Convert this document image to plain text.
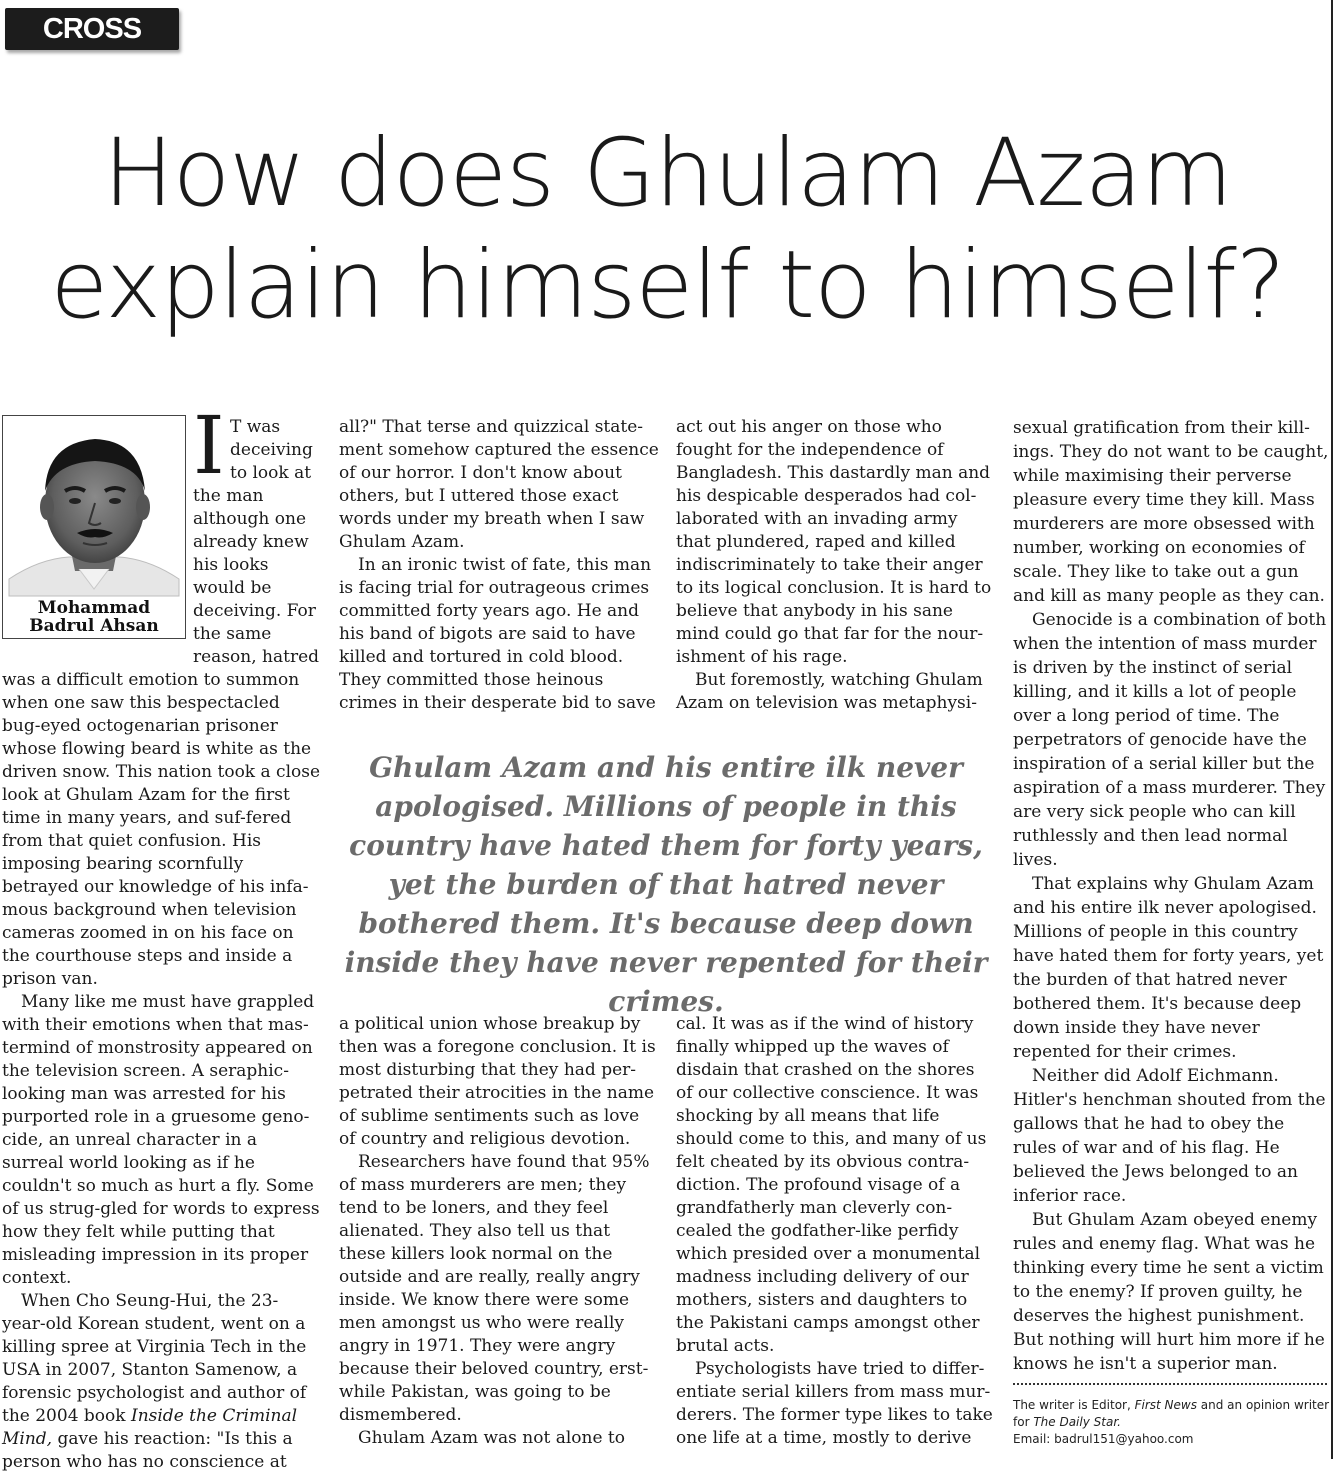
CROSS TALK
How does Ghulam Azam
explain himself to himself?
Mohammad
Badrul Ahsan
I T was
deceiving
to look at
the man
although one
already knew
his looks
would be
deceiving. For
the same
reason, hatred

was a difficult emotion to summon when one saw this bespectacled bug-eyed octogenarian prisoner whose flowing beard is white as the driven snow. This nation took a close look at Ghulam Azam for the first time in many years, and suf-fered from that quiet confusion. His imposing bearing scornfully betrayed our knowledge of his infa-mous background when television cameras zoomed in on his face on the courthouse steps and inside a prison van.

Many like me must have grappled with their emotions when that mas-termind of monstrosity appeared on the television screen. A seraphic-looking man was arrested for his purported role in a gruesome geno-cide, an unreal character in a surreal world looking as if he couldn't so much as hurt a fly. Some of us strug-gled for words to express how they felt while putting that misleading impression in its proper context.

When Cho Seung-Hui, the 23-year-old Korean student, went on a killing spree at Virginia Tech in the USA in 2007, Stanton Samenow, a forensic psychologist and author of the 2004 book Inside the Criminal Mind, gave his reaction: "Is this a person who has no conscience at

all?" That terse and quizzical state-ment somehow captured the essence of our horror. I don't know about others, but I uttered those exact words under my breath when I saw Ghulam Azam.

In an ironic twist of fate, this man is facing trial for outrageous crimes committed forty years ago. He and his band of bigots are said to have killed and tortured in cold blood. They committed those heinous crimes in their desperate bid to save

act out his anger on those who fought for the independence of Bangladesh. This dastardly man and his despicable desperados had col-laborated with an invading army that plundered, raped and killed indiscriminately to take their anger to its logical conclusion. It is hard to believe that anybody in his sane mind could go that far for the nour-ishment of his rage.

But foremostly, watching Ghulam Azam on television was metaphysi-

Ghulam Azam and his entire ilk never apologised. Millions of people in this country have hated them for forty years, yet the burden of that hatred never bothered them. It's because deep down inside they have never repented for their crimes.

a political union whose breakup by then was a foregone conclusion. It is most disturbing that they had per-petrated their atrocities in the name of sublime sentiments such as love of country and religious devotion.

Researchers have found that 95% of mass murderers are men; they tend to be loners, and they feel alienated. They also tell us that these killers look normal on the outside and are really, really angry inside. We know there were some men amongst us who were really angry in 1971. They were angry because their beloved country, erst-while Pakistan, was going to be dismembered.

Ghulam Azam was not alone to

cal. It was as if the wind of history finally whipped up the waves of disdain that crashed on the shores of our collective conscience. It was shocking by all means that life should come to this, and many of us felt cheated by its obvious contra-diction. The profound visage of a grandfatherly man cleverly con-cealed the godfather-like perfidy which presided over a monumental madness including delivery of our mothers, sisters and daughters to the Pakistani camps amongst other brutal acts.

Psychologists have tried to differ-entiate serial killers from mass mur-derers. The former type likes to take one life at a time, mostly to derive

sexual gratification from their kill-ings. They do not want to be caught, while maximising their perverse pleasure every time they kill. Mass murderers are more obsessed with number, working on economies of scale. They like to take out a gun and kill as many people as they can.

Genocide is a combination of both when the intention of mass murder is driven by the instinct of serial killing, and it kills a lot of people over a long period of time. The perpetrators of genocide have the inspiration of a serial killer but the aspiration of a mass murderer. They are very sick people who can kill ruthlessly and then lead normal lives.

That explains why Ghulam Azam and his entire ilk never apologised. Millions of people in this country have hated them for forty years, yet the burden of that hatred never bothered them. It's because deep down inside they have never repented for their crimes.

Neither did Adolf Eichmann. Hitler's henchman shouted from the gallows that he had to obey the rules of war and of his flag. He believed the Jews belonged to an inferior race.

But Ghulam Azam obeyed enemy rules and enemy flag. What was he thinking every time he sent a victim to the enemy? If proven guilty, he deserves the highest punishment. But nothing will hurt him more if he knows he isn't a superior man.

The writer is Editor, First News and an opinion writer for The Daily Star.
Email: badrul151@yahoo.com
